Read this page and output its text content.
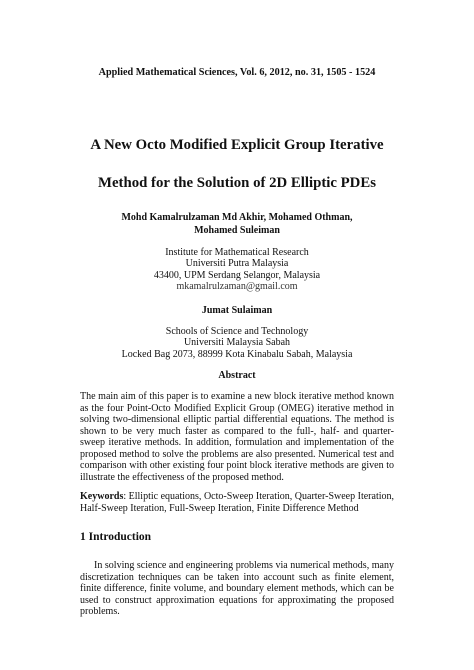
Applied Mathematical Sciences, Vol. 6, 2012, no. 31, 1505 - 1524
A New Octo Modified Explicit Group Iterative
Method for the Solution of 2D Elliptic PDEs
Mohd Kamalrulzaman Md Akhir, Mohamed Othman,
Mohamed Suleiman
Institute for Mathematical Research
Universiti Putra Malaysia
43400, UPM Serdang Selangor, Malaysia
mkamalrulzaman@gmail.com
Jumat Sulaiman
Schools of Science and Technology
Universiti Malaysia Sabah
Locked Bag 2073, 88999 Kota Kinabalu Sabah, Malaysia
Abstract
The main aim of this paper is to examine a new block iterative method known as the four Point-Octo Modified Explicit Group (OMEG) iterative method in solving two-dimensional elliptic partial differential equations. The method is shown to be very much faster as compared to the full-, half- and quarter-sweep iterative methods. In addition, formulation and implementation of the proposed method to solve the problems are also presented. Numerical test and comparison with other existing four point block iterative methods are given to illustrate the effectiveness of the proposed method.
Keywords: Elliptic equations, Octo-Sweep Iteration, Quarter-Sweep Iteration, Half-Sweep Iteration, Full-Sweep Iteration, Finite Difference Method
1 Introduction
In solving science and engineering problems via numerical methods, many discretization techniques can be taken into account such as finite element, finite difference, finite volume, and boundary element methods, which can be used to construct approximation equations for approximating the proposed problems.
